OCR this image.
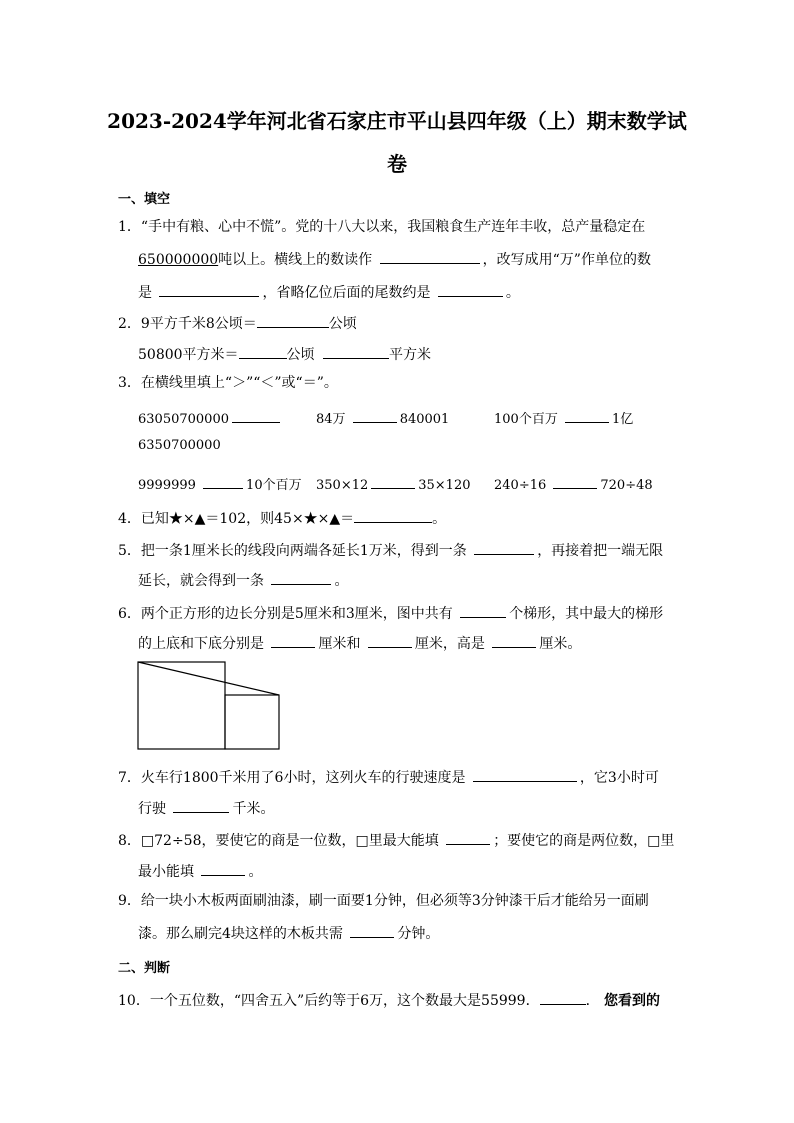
2023-2024学年河北省石家庄市平山县四年级（上）期末数学试
卷
一、填空
1．“手中有粮、心中不慌”。党的十八大以来，我国粮食生产连年丰收，总产量稳定在
650000000吨以上。横线上的数读作	，改写成用“万”作单位的数
是	，省略亿位后面的尾数约是	。
2．9平方千米8公顷＝	公顷
50800平方米＝	公顷	平方米
3．在横线里填上“＞”“＜”或“＝”。
63050700000
6350700000
84万	840001	100个百万	1亿
9999999	10个百万 350×12	35×120 240÷16	720÷48
4．已知★×▲＝102，则45×★×▲＝	。
5．把一条1厘米长的线段向两端各延长1万米，得到一条	，再接着把一端无限
延长，就会得到一条	。
6．两个正方形的边长分别是5厘米和3厘米，图中共有	个梯形，其中最大的梯形
的上底和下底分别是	厘米和	厘米，高是	厘米。
7．火车行1800千米用了6小时，这列火车的行驶速度是	，它3小时可
行驶	千米。
8．□72÷58，要使它的商是一位数，□里最大能填	；要使它的商是两位数，□里
最小能填	。
9．给一块小木板两面刷油漆，刷一面要1分钟，但必须等3分钟漆干后才能给另一面刷
漆。那么刷完4块这样的木板共需	分钟。
二、判断
10．一个五位数，“四舍五入”后约等于6万，这个数最大是55999．	． 您看到的
